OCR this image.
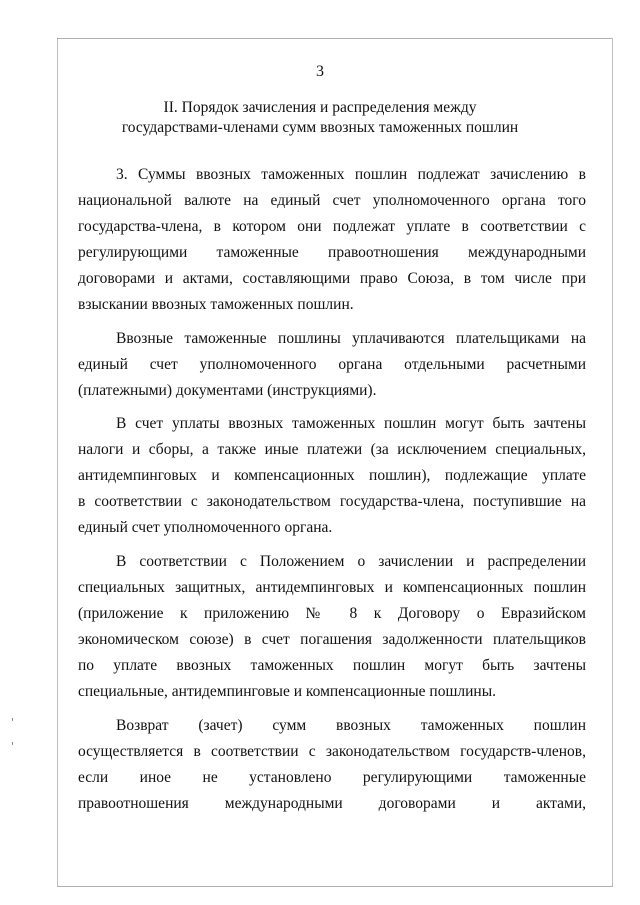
3
II. Порядок зачисления и распределения между
государствами-членами сумм ввозных таможенных пошлин
3. Суммы ввозных таможенных пошлин подлежат зачислению в
национальной валюте на единый счет уполномоченного органа того
государства-члена, в котором они подлежат уплате в соответствии с
регулирующими таможенные правоотношения международными
договорами и актами, составляющими право Союза, в том числе при
взыскании ввозных таможенных пошлин.
Ввозные таможенные пошлины уплачиваются плательщиками на
единый счет уполномоченного органа отдельными расчетными
(платежными) документами (инструкциями).
В счет уплаты ввозных таможенных пошлин могут быть зачтены
налоги и сборы, а также иные платежи (за исключением специальных,
антидемпинговых и компенсационных пошлин), подлежащие уплате
в соответствии с законодательством государства-члена, поступившие на
единый счет уполномоченного органа.
В соответствии с Положением о зачислении и распределении
специальных защитных, антидемпинговых и компенсационных пошлин
(приложение к приложению № 8 к Договору о Евразийском
экономическом союзе) в счет погашения задолженности плательщиков
по уплате ввозных таможенных пошлин могут быть зачтены
специальные, антидемпинговые и компенсационные пошлины.
Возврат (зачет) сумм ввозных таможенных пошлин
осуществляется в соответствии с законодательством государств-членов,
если иное не установлено регулирующими таможенные
правоотношения международными договорами и актами,
